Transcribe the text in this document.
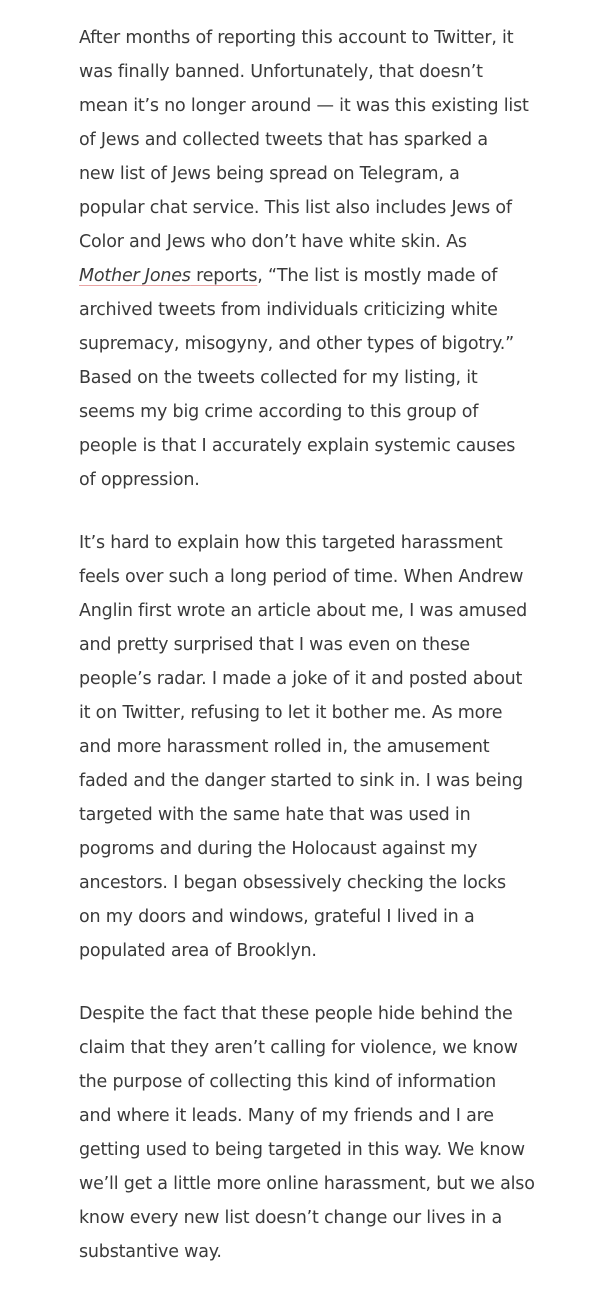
After months of reporting this account to Twitter, it
was finally banned. Unfortunately, that doesn’t
mean it’s no longer around — it was this existing list
of Jews and collected tweets that has sparked a
new list of Jews being spread on Telegram, a
popular chat service. This list also includes Jews of
Color and Jews who don’t have white skin. As
Mother Jones reports, “The list is mostly made of
archived tweets from individuals criticizing white
supremacy, misogyny, and other types of bigotry.”
Based on the tweets collected for my listing, it
seems my big crime according to this group of
people is that I accurately explain systemic causes
of oppression.

It’s hard to explain how this targeted harassment
feels over such a long period of time. When Andrew
Anglin first wrote an article about me, I was amused
and pretty surprised that I was even on these
people’s radar. I made a joke of it and posted about
it on Twitter, refusing to let it bother me. As more
and more harassment rolled in, the amusement
faded and the danger started to sink in. I was being
targeted with the same hate that was used in
pogroms and during the Holocaust against my
ancestors. I began obsessively checking the locks
on my doors and windows, grateful I lived in a
populated area of Brooklyn.

Despite the fact that these people hide behind the
claim that they aren’t calling for violence, we know
the purpose of collecting this kind of information
and where it leads. Many of my friends and I are
getting used to being targeted in this way. We know
we’ll get a little more online harassment, but we also
know every new list doesn’t change our lives in a
substantive way.
